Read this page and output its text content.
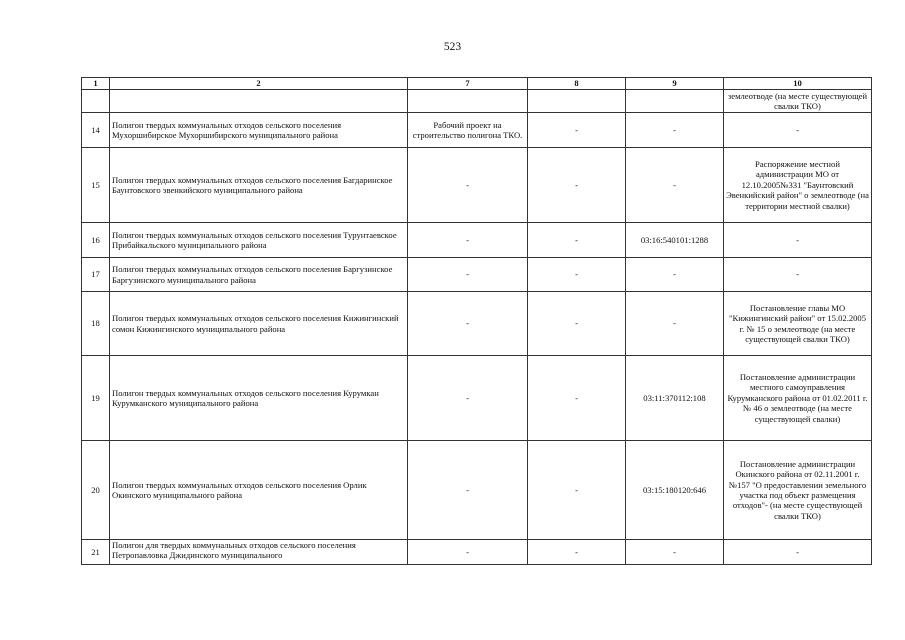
523
1	2	7	8	9	10
					землеотводе (на месте существующей свалки ТКО)
14	Полигон твердых коммунальных отходов сельского поселения Мухоршибирское Мухоршибирского муниципального района	Рабочий проект на строительство полигона ТКО.	-	-	-
15	Полигон твердых коммунальных отходов сельского поселения Багдаринское Баунтовского эвенкийского муниципального района	-	-	-	Распоряжение местной администрации МО от 12.10.2005№331 "Баунтовский Эвенкийский район" о землеотводе (на территории местной свалки)
16	Полигон твердых коммунальных отходов сельского поселения Турунтаевское Прибайкальского муниципального района	-	-	03:16:540101:1288	-
17	Полигон твердых коммунальных отходов сельского поселения Баргузинское Баргузинского муниципального района	-	-	-	-
18	Полигон твердых коммунальных отходов сельского поселения Кижингинский сомон Кижингинского муниципального района	-	-	-	Постановление главы МО "Кижингинский район" от 15.02.2005 г. № 15 о землеотводе (на месте существующей свалки ТКО)
19	Полигон твердых коммунальных отходов сельского поселения Курумкан Курумканского муниципального района	-	-	03:11:370112:108	Постановление администрации местного самоуправления Курумканского района от 01.02.2011 г. № 46 о землеотводе (на месте существующей свалки)
20	Полигон твердых коммунальных отходов сельского поселения Орлик Окинского муниципального района	-	-	03:15:180120:646	Постановление администрации Окинского района от 02.11.2001 г. №157 "О предоставлении земельного участка под объект размещения отходов"- (на месте существующей свалки ТКО)
21	Полигон для твердых коммунальных отходов сельского поселения Петропавловка Джидинского муниципального	-	-	-	-
